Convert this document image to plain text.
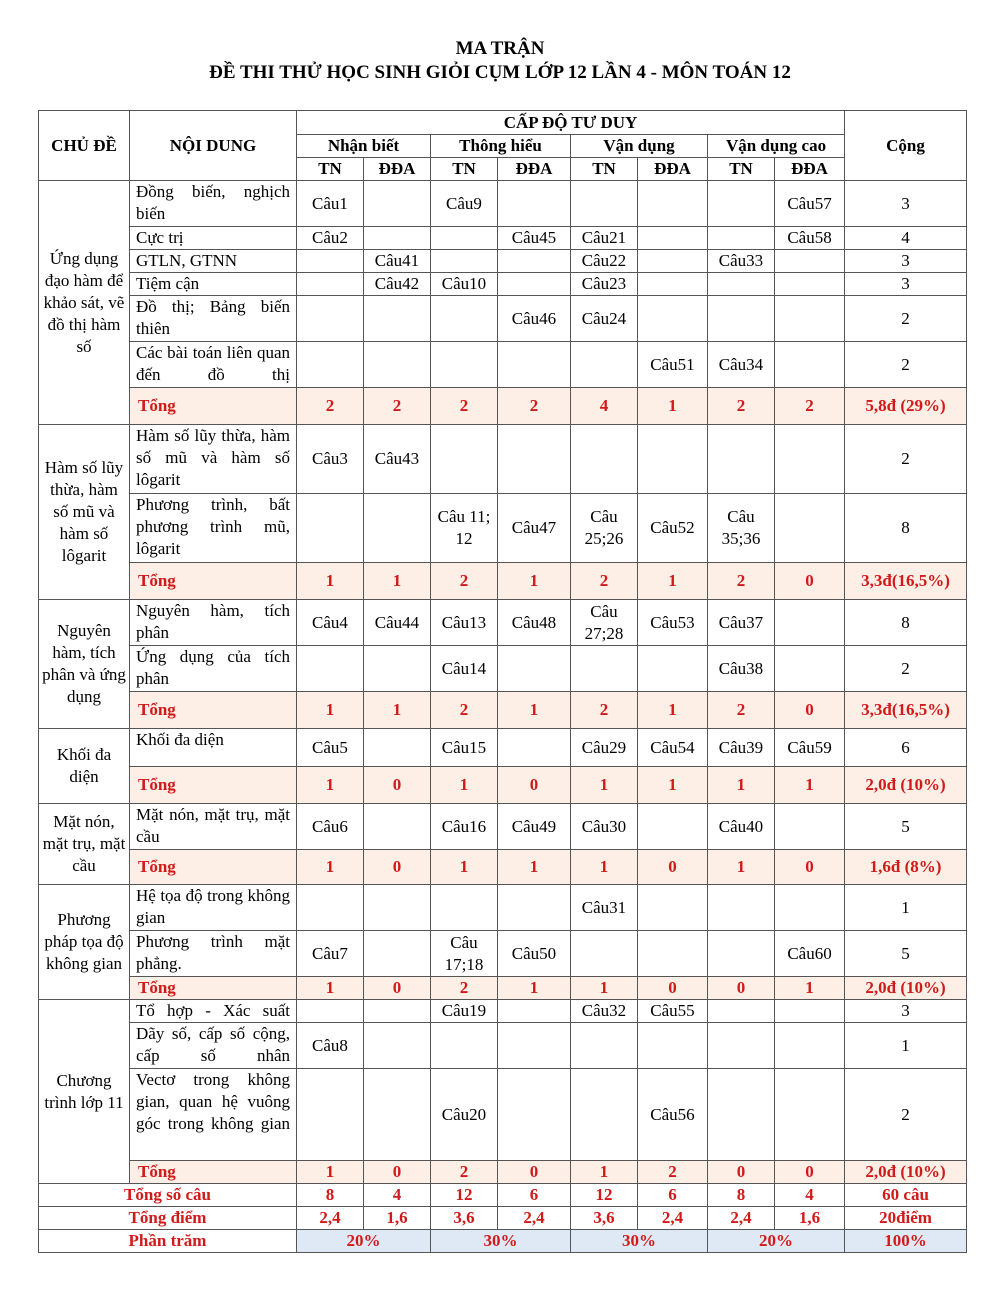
MA TRẬN
ĐỀ THI THỬ HỌC SINH GIỎI CỤM LỚP 12 LẦN 4 - MÔN TOÁN 12
CHỦ ĐỀ	NỘI DUNG	CẤP ĐỘ TƯ DUY								Cộng
		Nhận biết		Thông hiểu		Vận dụng		Vận dụng cao		
		TN	ĐĐA	TN	ĐĐA	TN	ĐĐA	TN	ĐĐA	
Ứng dụng đạo hàm để khảo sát, vẽ đồ thị hàm số	Đồng biến, nghịch biến	Câu1		Câu9					Câu57	3
	Cực trị	Câu2			Câu45	Câu21			Câu58	4
	GTLN, GTNN		Câu41			Câu22		Câu33		3
	Tiệm cận		Câu42	Câu10		Câu23				3
	Đồ thị; Bảng biến thiên				Câu46	Câu24				2
	Các bài toán liên quan đến đồ thị						Câu51	Câu34		2
	Tổng	2	2	2	2	4	1	2	2	5,8đ (29%)
Hàm số lũy thừa, hàm số mũ và hàm số lôgarit	Hàm số lũy thừa, hàm số mũ và hàm số lôgarit	Câu3	Câu43							2
	Phương trình, bất phương trình mũ, lôgarit			Câu 11; 12	Câu47	Câu 25;26	Câu52	Câu 35;36		8
	Tổng	1	1	2	1	2	1	2	0	3,3đ(16,5%)
Nguyên hàm, tích phân và ứng dụng	Nguyên hàm, tích phân	Câu4	Câu44	Câu13	Câu48	Câu 27;28	Câu53	Câu37		8
	Ứng dụng của tích phân			Câu14				Câu38		2
	Tổng	1	1	2	1	2	1	2	0	3,3đ(16,5%)
Khối đa diện	Khối đa diện	Câu5		Câu15		Câu29	Câu54	Câu39	Câu59	6
	Tổng	1	0	1	0	1	1	1	1	2,0đ (10%)
Mặt nón, mặt trụ, mặt cầu	Mặt nón, mặt trụ, mặt cầu	Câu6		Câu16	Câu49	Câu30		Câu40		5
	Tổng	1	0	1	1	1	0	1	0	1,6đ (8%)
Phương pháp tọa độ không gian	Hệ tọa độ trong không gian					Câu31				1
	Phương trình mặt phẳng.	Câu7		Câu 17;18	Câu50				Câu60	5
	Tổng	1	0	2	1	1	0	0	1	2,0đ (10%)
Chương trình lớp 11	Tổ hợp - Xác suất			Câu19		Câu32	Câu55			3
	Dãy số, cấp số cộng, cấp số nhân	Câu8								1
	Vectơ trong không gian, quan hệ vuông góc trong không gian			Câu20			Câu56			2
	Tổng	1	0	2	0	1	2	0	0	2,0đ (10%)
Tổng số câu		8	4	12	6	12	6	8	4	60 câu
Tổng điểm		2,4	1,6	3,6	2,4	3,6	2,4	2,4	1,6	20điểm
Phần trăm		20%		30%		30%		20%		100%
